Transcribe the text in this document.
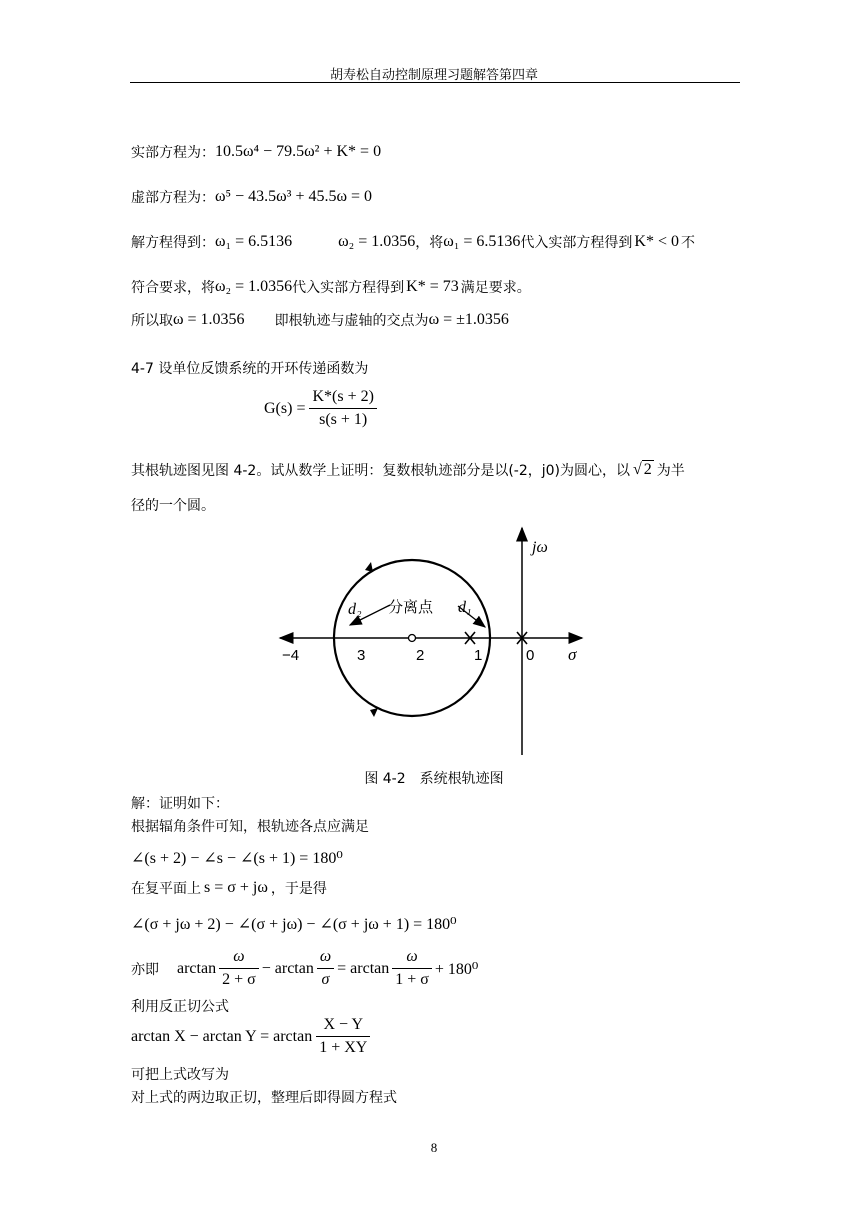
胡寿松自动控制原理习题解答第四章
实部方程为： 10.5ω⁴ − 79.5ω² + K* = 0
虚部方程为： ω⁵ − 43.5ω³ + 45.5ω = 0
解方程得到： ω₁ = 6.5136	ω₂ = 1.0356 ，将 ω₁ = 6.5136 代入实部方程得到 K* < 0 不
符合要求，将 ω₂ = 1.0356 代入实部方程得到 K* = 73 满足要求。
所以取 ω = 1.0356 即根轨迹与虚轴的交点为 ω = ±1.0356
4-7 设单位反馈系统的开环传递函数为
$G(s) = \frac{K*(s + 2)}{s(s + 1)}$
其根轨迹图见图 4-2。试从数学上证明：复数根轨迹部分是以(-2，j0)为圆心，以 √ 2 为半
径的一个圆。
jω
σ
分离点
d₂	d₁
−4	3	2	1	0
图 4-2　系统根轨迹图
解：证明如下：
根据辐角条件可知，根轨迹各点应满足
∠(s + 2) − ∠s − ∠(s + 1) = 180⁰
在复平面上 s = σ + jω ，于是得
∠(σ + jω + 2) − ∠(σ + jω) − ∠(σ + jω + 1) = 180⁰
亦即 $\arctan \frac{\omega}{2 + \sigma} - \arctan \frac{\omega}{\sigma} = \arctan \frac{\omega}{1 + \sigma} + 180^0$
利用反正切公式
$\arctan X - \arctan Y = \arctan \frac{X - Y}{1 + XY}$
可把上式改写为
对上式的两边取正切，整理后即得圆方程式
8
